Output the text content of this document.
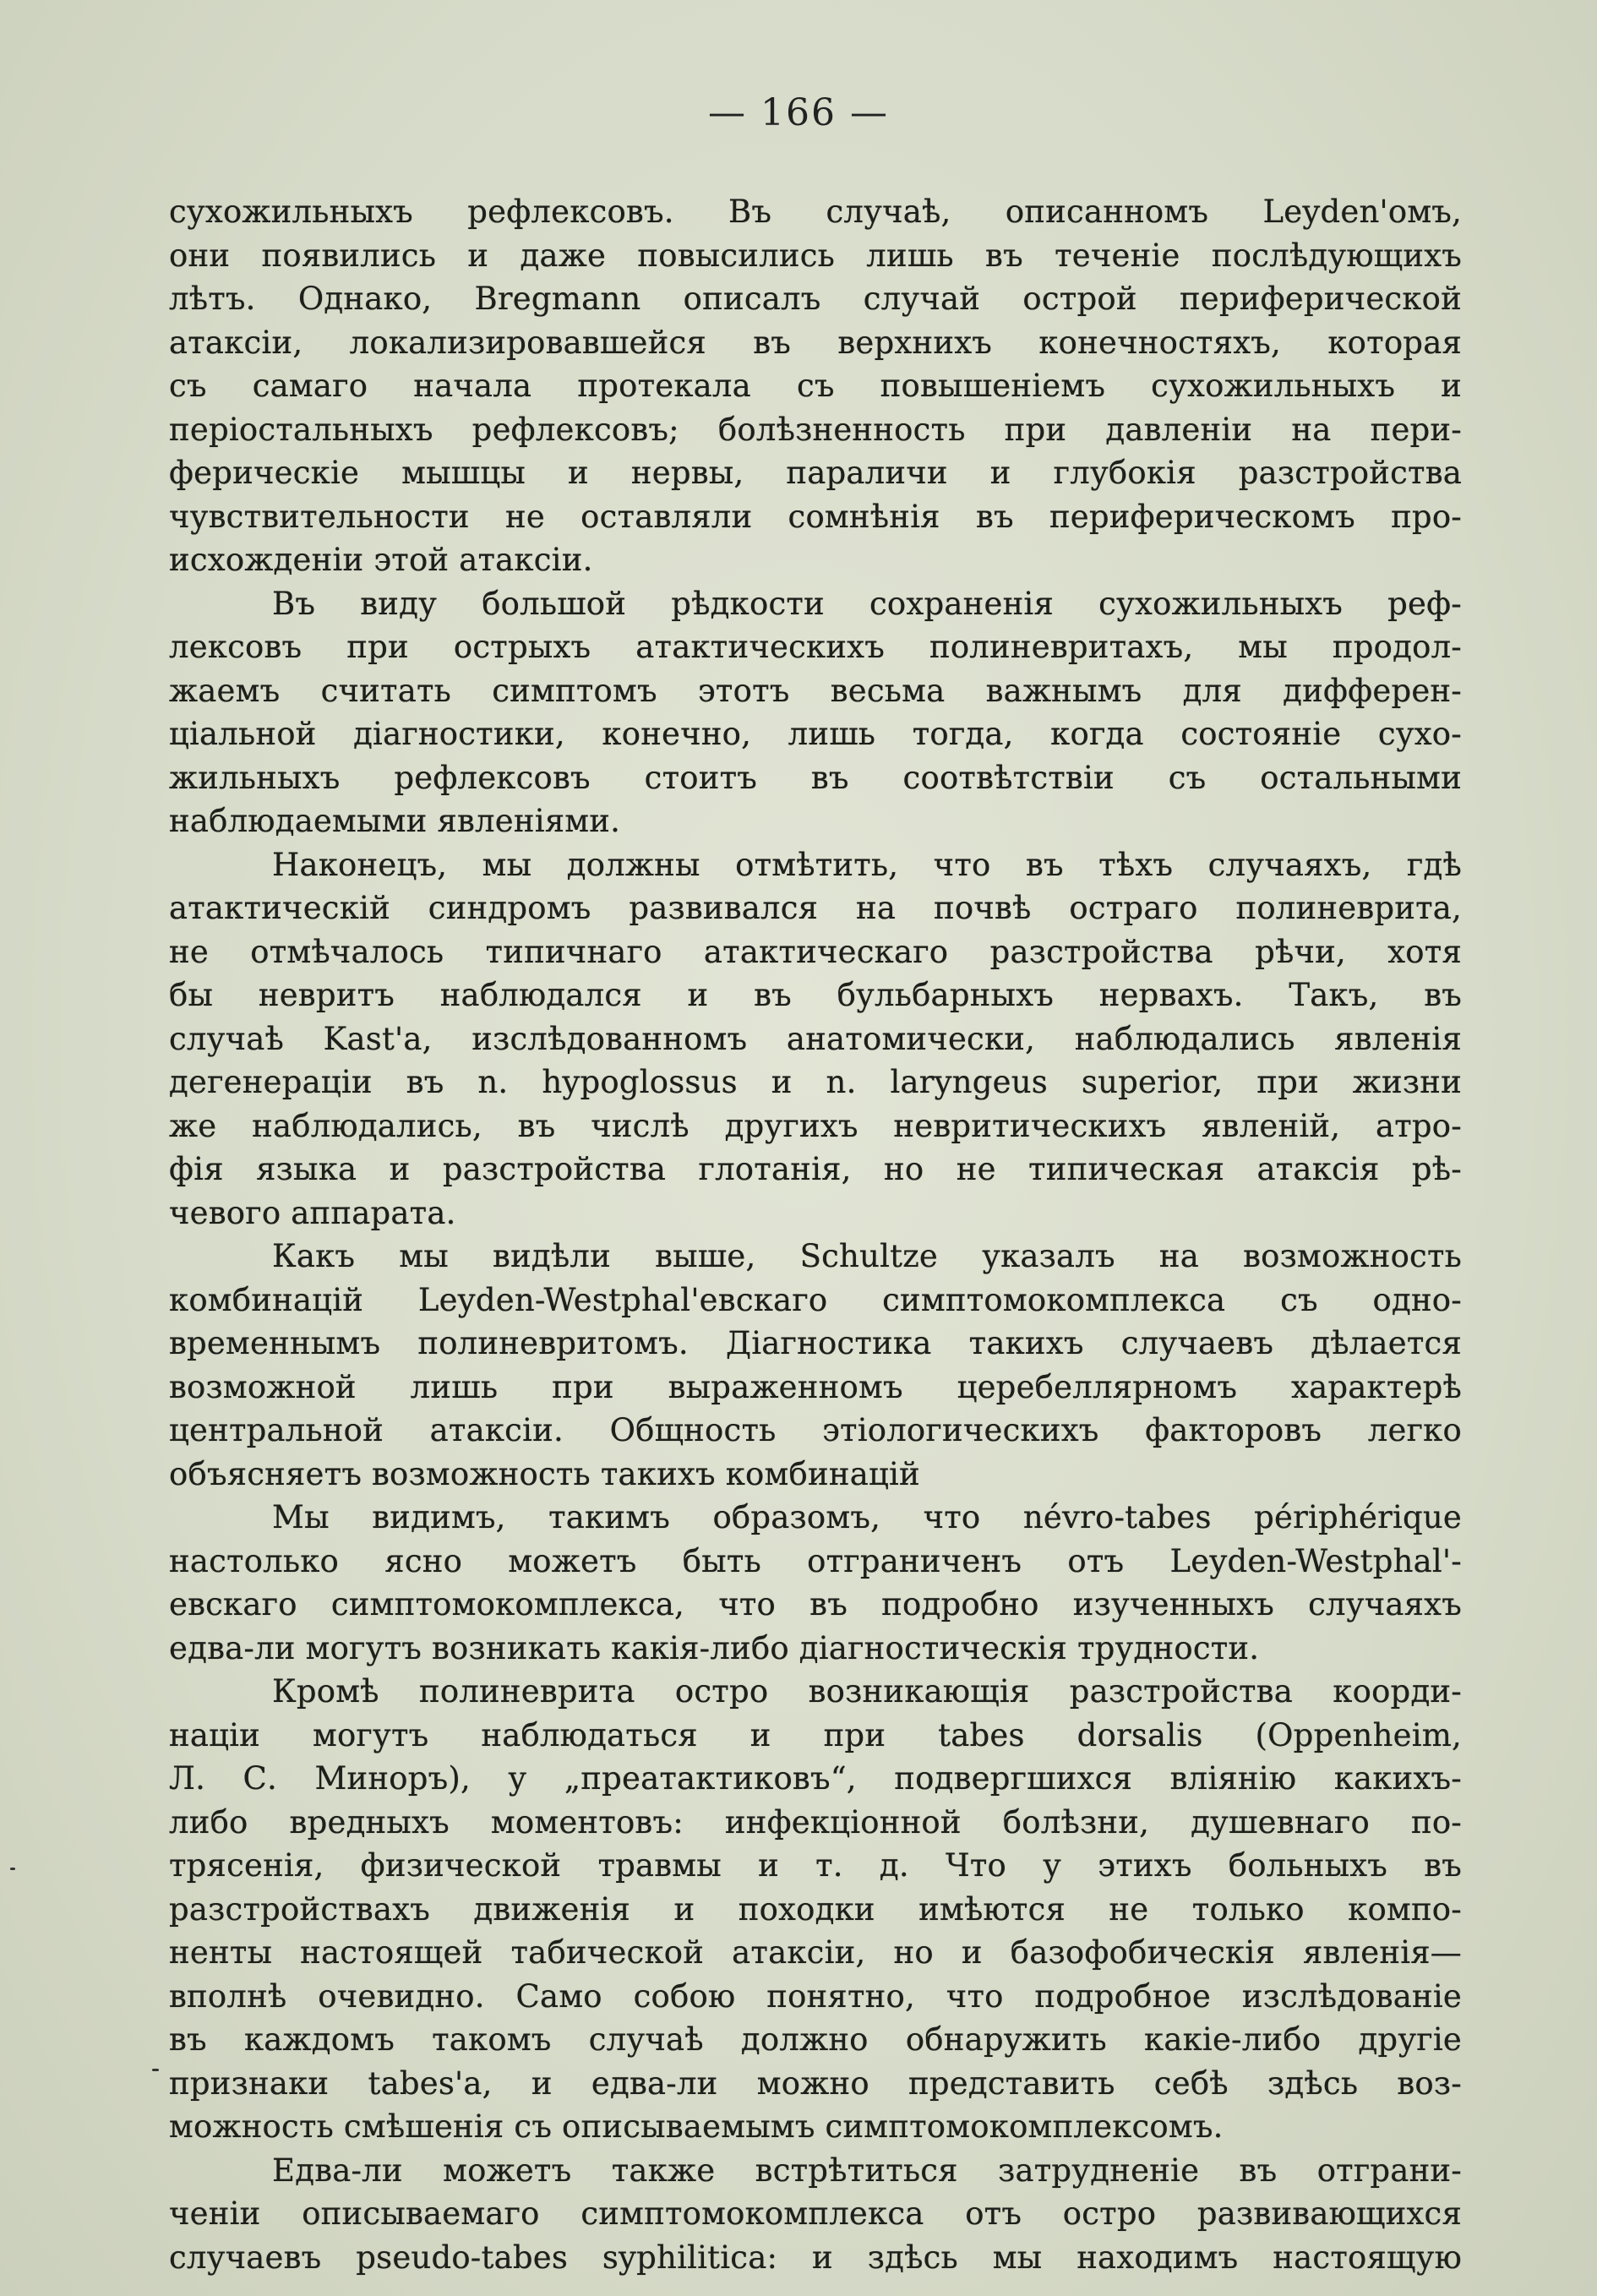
— 166 —
сухожильныхъ рефлексовъ. Въ случаѣ, описанномъ Leyden'омъ,
они появились и даже повысились лишь въ теченіе послѣдующихъ
лѣтъ. Однако, Bregmann описалъ случай острой периферической
атаксіи, локализировавшейся въ верхнихъ конечностяхъ, которая
съ самаго начала протекала съ повышеніемъ сухожильныхъ и
періостальныхъ рефлексовъ; болѣзненность при давленіи на пери-
ферическіе мышцы и нервы, параличи и глубокія разстройства
чувствительности не оставляли сомнѣнія въ периферическомъ про-
исхожденіи этой атаксіи.
Въ виду большой рѣдкости сохраненія сухожильныхъ реф-
лексовъ при острыхъ атактическихъ полиневритахъ, мы продол-
жаемъ считать симптомъ этотъ весьма важнымъ для дифферен-
ціальной діагностики, конечно, лишь тогда, когда состояніе сухо-
жильныхъ рефлексовъ стоитъ въ соотвѣтствіи съ остальными
наблюдаемыми явленіями.
Наконецъ, мы должны отмѣтить, что въ тѣхъ случаяхъ, гдѣ
атактическій синдромъ развивался на почвѣ остраго полиневрита,
не отмѣчалось типичнаго атактическаго разстройства рѣчи, хотя
бы невритъ наблюдался и въ бульбарныхъ нервахъ. Такъ, въ
случаѣ Kast'а, изслѣдованномъ анатомически, наблюдались явленія
дегенераціи въ n. hypoglossus и n. laryngeus superior, при жизни
же наблюдались, въ числѣ другихъ невритическихъ явленій, атро-
фія языка и разстройства глотанія, но не типическая атаксія рѣ-
чевого аппарата.
Какъ мы видѣли выше, Schultze указалъ на возможность
комбинацій Leyden-Westphal'евскаго симптомокомплекса съ одно-
временнымъ полиневритомъ. Діагностика такихъ случаевъ дѣлается
возможной лишь при выраженномъ церебеллярномъ характерѣ
центральной атаксіи. Общность этіологическихъ факторовъ легко
объясняетъ возможность такихъ комбинацій
Мы видимъ, такимъ образомъ, что névro-tabes périphérique
настолько ясно можетъ быть отграниченъ отъ Leyden-Westphal'-
евскаго симптомокомплекса, что въ подробно изученныхъ случаяхъ
едва-ли могутъ возникать какія-либо діагностическія трудности.
Кромѣ полиневрита остро возникающія разстройства коорди-
націи могутъ наблюдаться и при tabes dorsalis (Oppenheim,
Л. С. Миноръ), у „преатактиковъ“, подвергшихся вліянію какихъ-
либо вредныхъ моментовъ: инфекціонной болѣзни, душевнаго по-
трясенія, физической травмы и т. д. Что у этихъ больныхъ въ
разстройствахъ движенія и походки имѣются не только компо-
ненты настоящей табической атаксіи, но и базофобическія явленія—
вполнѣ очевидно. Само собою понятно, что подробное изслѣдованіе
въ каждомъ такомъ случаѣ должно обнаружить какіе-либо другіе
признаки tabes'а, и едва-ли можно представить себѣ здѣсь воз-
можность смѣшенія съ описываемымъ симптомокомплексомъ.
Едва-ли можетъ также встрѣтиться затрудненіе въ отграни-
ченіи описываемаго симптомокомплекса отъ остро развивающихся
случаевъ pseudo-tabes syphilitica: и здѣсь мы находимъ настоящую
